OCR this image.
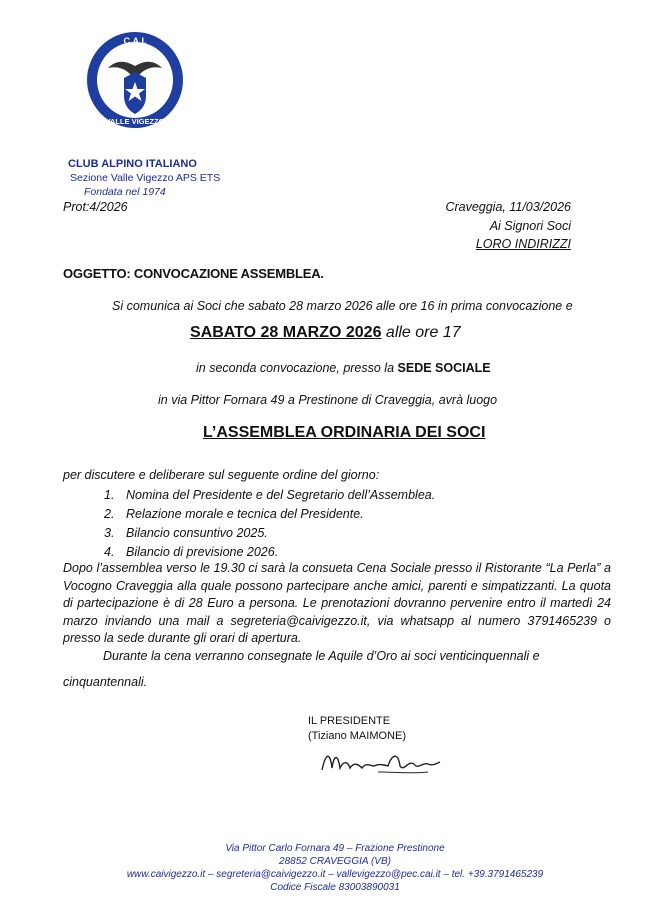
C.A.I.
VALLE VIGEZZO
CLUB ALPINO ITALIANO
Sezione Valle Vigezzo APS ETS
Fondata nel 1974
Prot:4/2026	Craveggia, 11/03/2026
Ai Signori Soci
LORO INDIRIZZI
OGGETTO: CONVOCAZIONE ASSEMBLEA.
Si comunica ai Soci che sabato 28 marzo 2026 alle ore 16 in prima convocazione e
SABATO 28 MARZO 2026 alle ore 17
in seconda convocazione, presso la SEDE SOCIALE
in via Pittor Fornara 49 a Prestinone di Craveggia, avrà luogo
L’ASSEMBLEA ORDINARIA DEI SOCI
per discutere e deliberare sul seguente ordine del giorno:
1. Nomina del Presidente e del Segretario dell’Assemblea.
2. Relazione morale e tecnica del Presidente.
3. Bilancio consuntivo 2025.
4. Bilancio di previsione 2026.

Dopo l’assemblea verso le 19.30 ci sarà la consueta Cena Sociale presso il Ristorante “La Perla” a Vocogno Craveggia alla quale possono partecipare anche amici, parenti e simpatizzanti. La quota di partecipazione è di 28 Euro a persona. Le prenotazioni dovranno pervenire entro il martedì 24 marzo inviando una mail a segreteria@caivigezzo.it, via whatsapp al numero 3791465239 o presso la sede durante gli orari di apertura.

Durante la cena verranno consegnate le Aquile d’Oro ai soci venticinquennali e

cinquantennali.
IL PRESIDENTE
(Tiziano MAIMONE)
Via Pittor Carlo Fornara 49 – Frazione Prestinone
28852 CRAVEGGIA (VB)
www.caivigezzo.it – segreteria@caivigezzo.it – vallevigezzo@pec.cai.it – tel. +39.3791465239
Codice Fiscale 83003890031
